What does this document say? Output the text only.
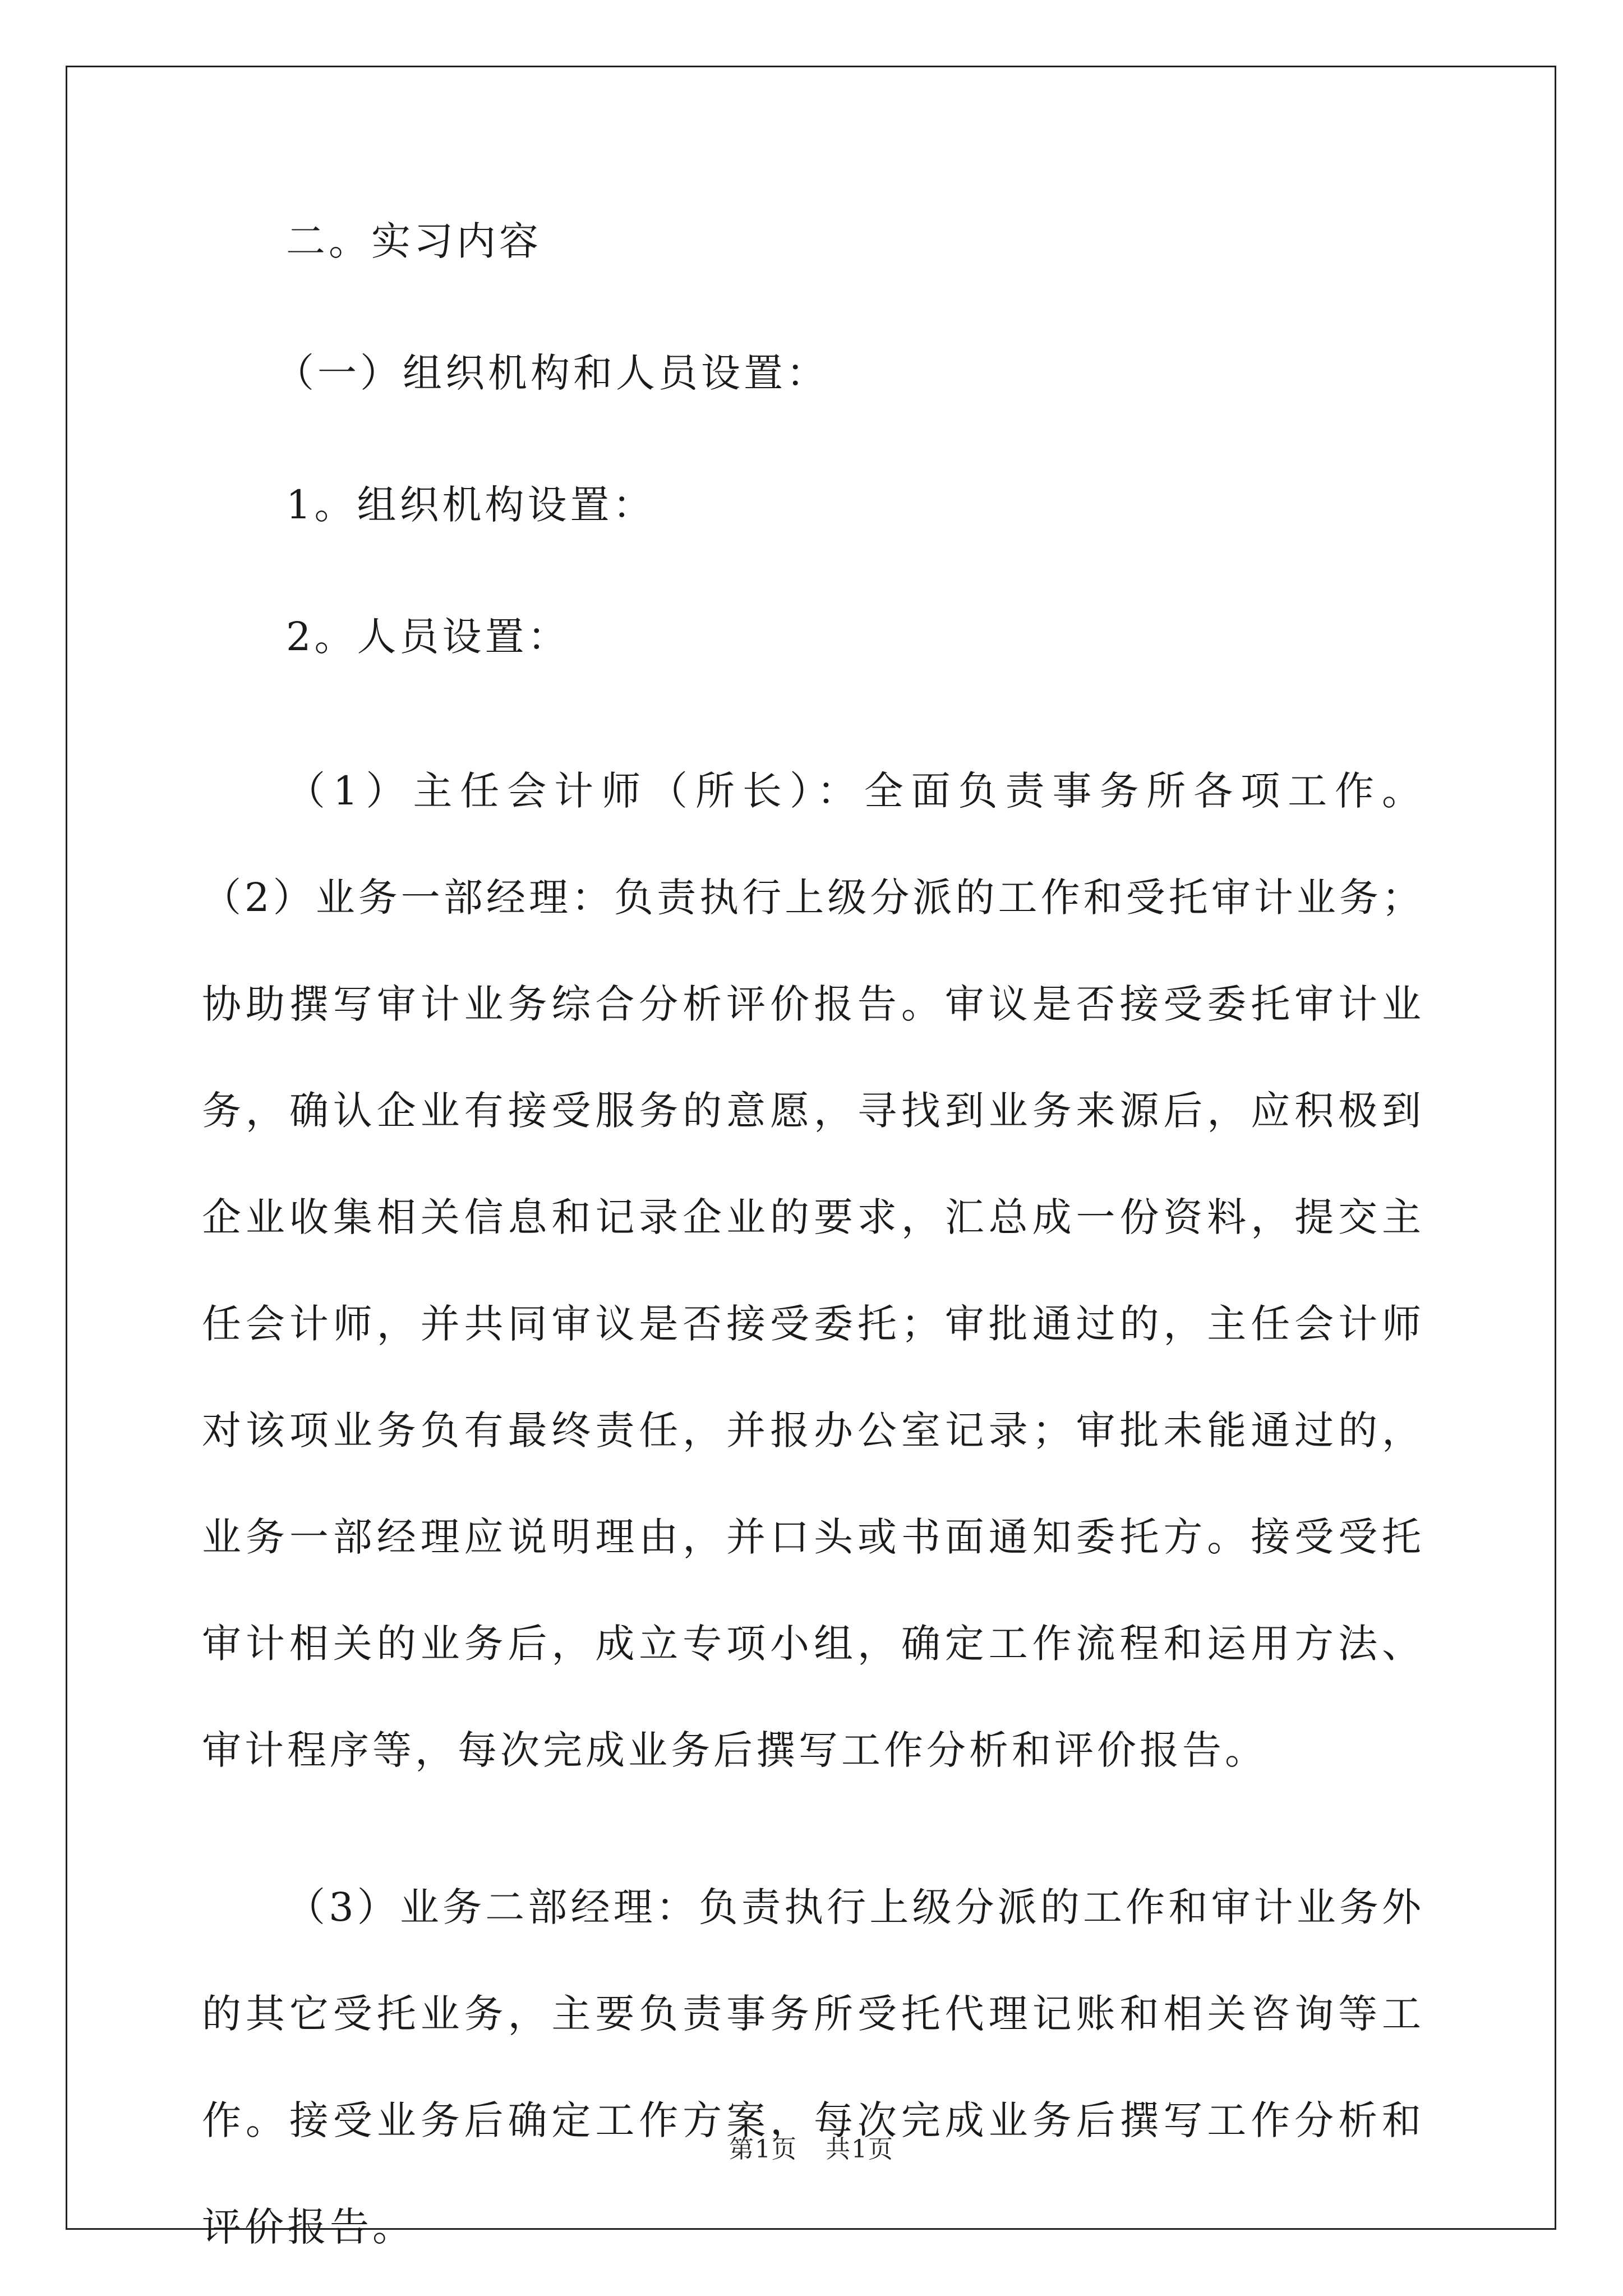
二。实习内容
（一）组织机构和人员设置：
1。组织机构设置：
2。人员设置：

（1）主任会计师（所长）：全面负责事务所各项工作。 （2）业务一部经理：负责执行上级分派的工作和受托审计业务；协助撰写审计业务综合分析评价报告。审议是否接受委托审计业务，确认企业有接受服务的意愿，寻找到业务来源后，应积极到企业收集相关信息和记录企业的要求，汇总成一份资料，提交主任会计师，并共同审议是否接受委托；审批通过的，主任会计师对该项业务负有最终责任，并报办公室记录；审批未能通过的，业务一部经理应说明理由，并口头或书面通知委托方。接受受托审计相关的业务后，成立专项小组，确定工作流程和运用方法、审计程序等，每次完成业务后撰写工作分析和评价报告。

（3）业务二部经理：负责执行上级分派的工作和审计业务外的其它受托业务，主要负责事务所受托代理记账和相关咨询等工作。接受业务后确定工作方案，每次完成业务后撰写工作分析和评价报告。

第1页 共1页
